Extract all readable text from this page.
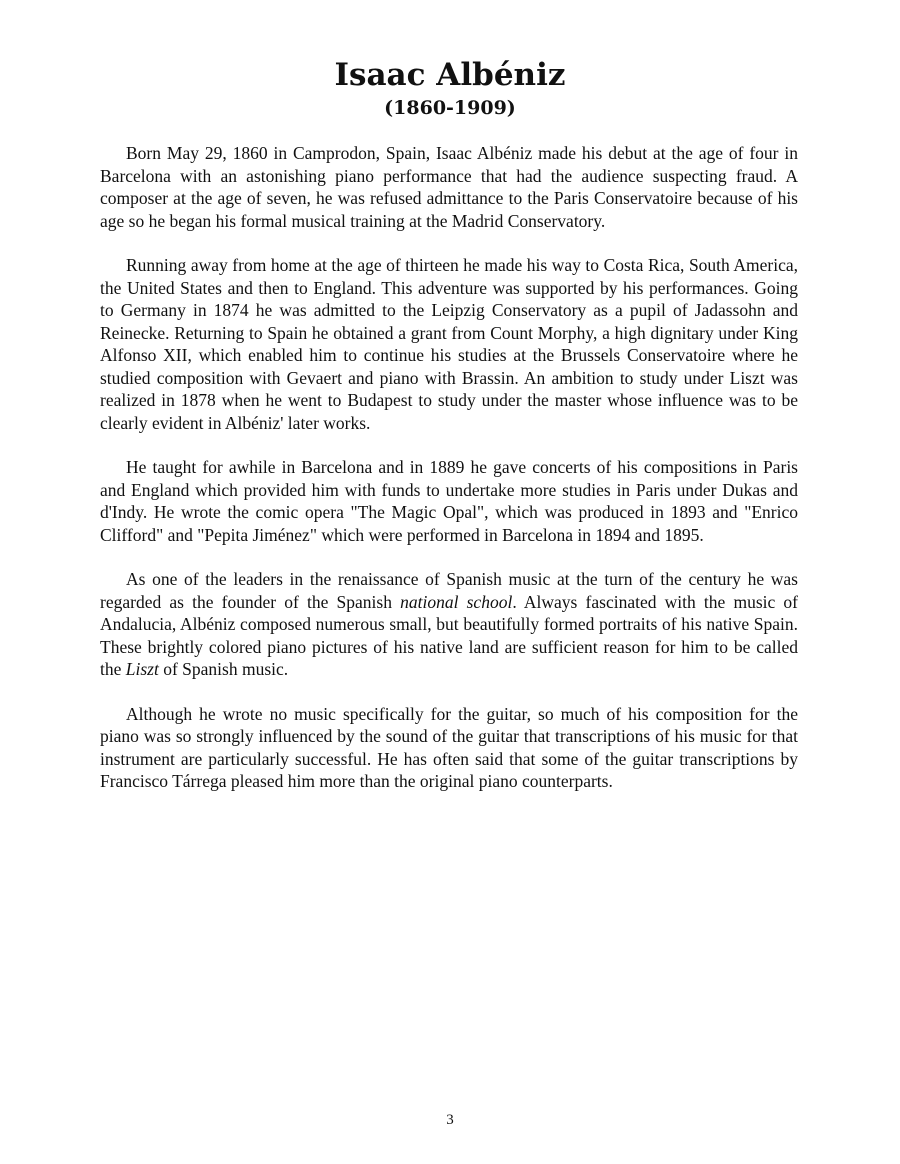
Isaac Albéniz
(1860-1909)

Born May 29, 1860 in Camprodon, Spain, Isaac Albéniz made his debut at the age of four in Barcelona with an astonishing piano performance that had the audience suspecting fraud. A composer at the age of seven, he was refused admittance to the Paris Conservatoire because of his age so he began his formal musical training at the Madrid Conservatory.

Running away from home at the age of thirteen he made his way to Costa Rica, South America, the United States and then to England. This adventure was supported by his performances. Going to Germany in 1874 he was admitted to the Leipzig Conservatory as a pupil of Jadassohn and Reinecke. Returning to Spain he obtained a grant from Count Morphy, a high dignitary under King Alfonso XII, which enabled him to continue his studies at the Brussels Conservatoire where he studied composition with Gevaert and piano with Brassin. An ambition to study under Liszt was realized in 1878 when he went to Budapest to study under the master whose influence was to be clearly evident in Albéniz' later works.

He taught for awhile in Barcelona and in 1889 he gave concerts of his compositions in Paris and England which provided him with funds to undertake more studies in Paris under Dukas and d'Indy. He wrote the comic opera "The Magic Opal", which was produced in 1893 and "Enrico Clifford" and "Pepita Jiménez" which were performed in Barcelona in 1894 and 1895.

As one of the leaders in the renaissance of Spanish music at the turn of the century he was regarded as the founder of the Spanish national school. Always fascinated with the music of Andalucia, Albéniz composed numerous small, but beautifully formed portraits of his native Spain. These brightly colored piano pictures of his native land are sufficient reason for him to be called the Liszt of Spanish music.

Although he wrote no music specifically for the guitar, so much of his composition for the piano was so strongly influenced by the sound of the guitar that transcriptions of his music for that instrument are particularly successful. He has often said that some of the guitar transcriptions by Francisco Tárrega pleased him more than the original piano counterparts.

3
